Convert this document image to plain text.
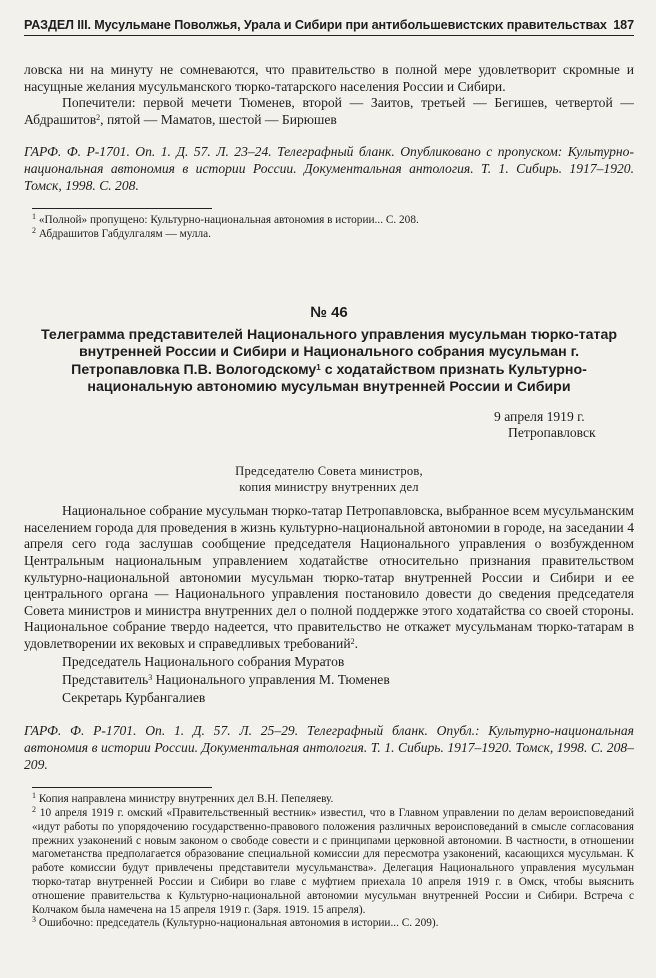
РАЗДЕЛ III. Мусульмане Поволжья, Урала и Сибири при антибольшевистских правительствах 187

ловска ни на минуту не сомневаются, что правительство в полной мере удовлетворит скромные и насущные желания мусульманского тюрко-татарского населения России и Сибири.

Попечители: первой мечети Тюменев, второй — Заитов, третьей — Бегишев, четвертой — Абдрашитов$^2$, пятой — Маматов, шестой — Бирюшев

ГАРФ. Ф. Р-1701. Оп. 1. Д. 57. Л. 23–24. Телеграфный бланк. Опубликовано с пропуском: Культурно-национальная автономия в истории России. Документальная антология. Т. 1. Сибирь. 1917–1920. Томск, 1998. С. 208.

$^1$ «Полной» пропущено: Культурно-национальная автономия в истории... С. 208.

$^2$ Абдрашитов Габдулгалям — мулла.

№ 46

Телеграмма представителей Национального управления мусульман тюрко-татар внутренней России и Сибири и Национального собрания мусульман г. Петропавловка П.В. Вологодскому$^1$ с ходатайством признать Культурно-национальную автономию мусульман внутренней России и Сибири

9 апреля 1919 г.

Петропавловск

Председателю Совета министров,

копия министру внутренних дел

Национальное собрание мусульман тюрко-татар Петропавловска, выбранное всем мусульманским населением города для проведения в жизнь культурно-национальной автономии в городе, на заседании 4 апреля сего года заслушав сообщение председателя Национального управления о возбужденном Центральным национальным управлением ходатайстве относительно признания правительством культурно-национальной автономии мусульман тюрко-татар внутренней России и Сибири и ее центрального органа — Национального управления постановило довести до сведения председателя Совета министров и министра внутренних дел о полной поддержке этого ходатайства со своей стороны. Национальное собрание твердо надеется, что правительство не откажет мусульманам тюрко-татарам в удовлетворении их вековых и справедливых требований$^2$.

Председатель Национального собрания Муратов

Представитель$^3$ Национального управления М. Тюменев

Секретарь Курбангалиев

ГАРФ. Ф. Р-1701. Оп. 1. Д. 57. Л. 25–29. Телеграфный бланк. Опубл.: Культурно-национальная автономия в истории России. Документальная антология. Т. 1. Сибирь. 1917–1920. Томск, 1998. С. 208–209.

$^1$ Копия направлена министру внутренних дел В.Н. Пепеляеву.

$^2$ 10 апреля 1919 г. омский «Правительственный вестник» известил, что в Главном управлении по делам вероисповеданий «идут работы по упорядочению государственно-правового положения различных вероисповеданий в смысле согласования прежних узаконений с новым законом о свободе совести и с принципами церковной автономии. В частности, в отношении магометанства предполагается образование специальной комиссии для пересмотра узаконений, касающихся мусульман. К работе комиссии будут привлечены представители мусульманства». Делегация Национального управления мусульман тюрко-татар внутренней России и Сибири во главе с муфтием приехала 10 апреля 1919 г. в Омск, чтобы выяснить отношение правительства к Культурно-национальной автономии мусульман внутренней России и Сибири. Встреча с Колчаком была намечена на 15 апреля 1919 г. (Заря. 1919. 15 апреля).

$^3$ Ошибочно: председатель (Культурно-национальная автономия в истории... С. 209).
